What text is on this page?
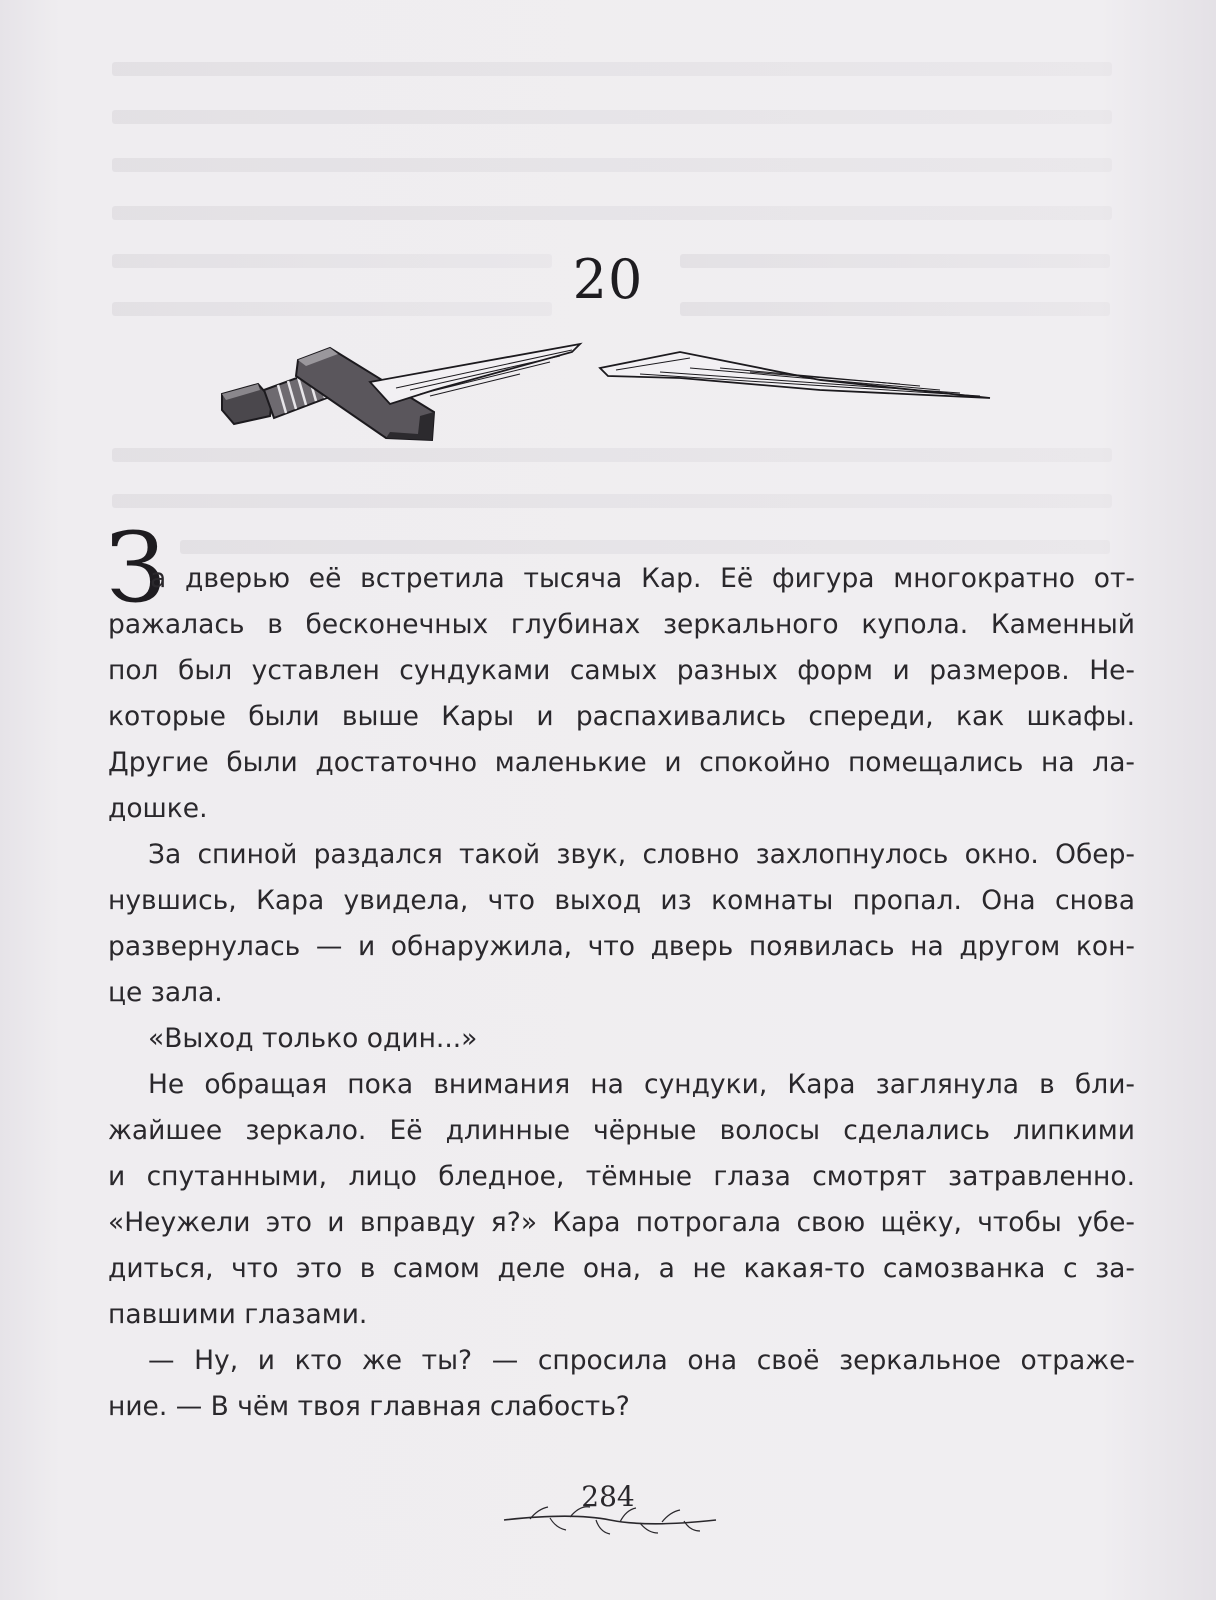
20
З
а дверью её встретила тысяча Кар. Её фигура многократно от-
ражалась в бесконечных глубинах зеркального купола. Каменный
пол был уставлен сундуками самых разных форм и размеров. Не-
которые были выше Кары и распахивались спереди, как шкафы.
Другие были достаточно маленькие и спокойно помещались на ла-
дошке.
За спиной раздался такой звук, словно захлопнулось окно. Обер-
нувшись, Кара увидела, что выход из комнаты пропал. Она снова
развернулась — и обнаружила, что дверь появилась на другом кон-
це зала.
«Выход только один...»
Не обращая пока внимания на сундуки, Кара заглянула в бли-
жайшее зеркало. Её длинные чёрные волосы сделались липкими
и спутанными, лицо бледное, тёмные глаза смотрят затравленно.
«Неужели это и вправду я?» Кара потрогала свою щёку, чтобы убе-
диться, что это в самом деле она, а не какая-то самозванка с за-
павшими глазами.
— Ну, и кто же ты? — спросила она своё зеркальное отраже-
ние. — В чём твоя главная слабость?
284
